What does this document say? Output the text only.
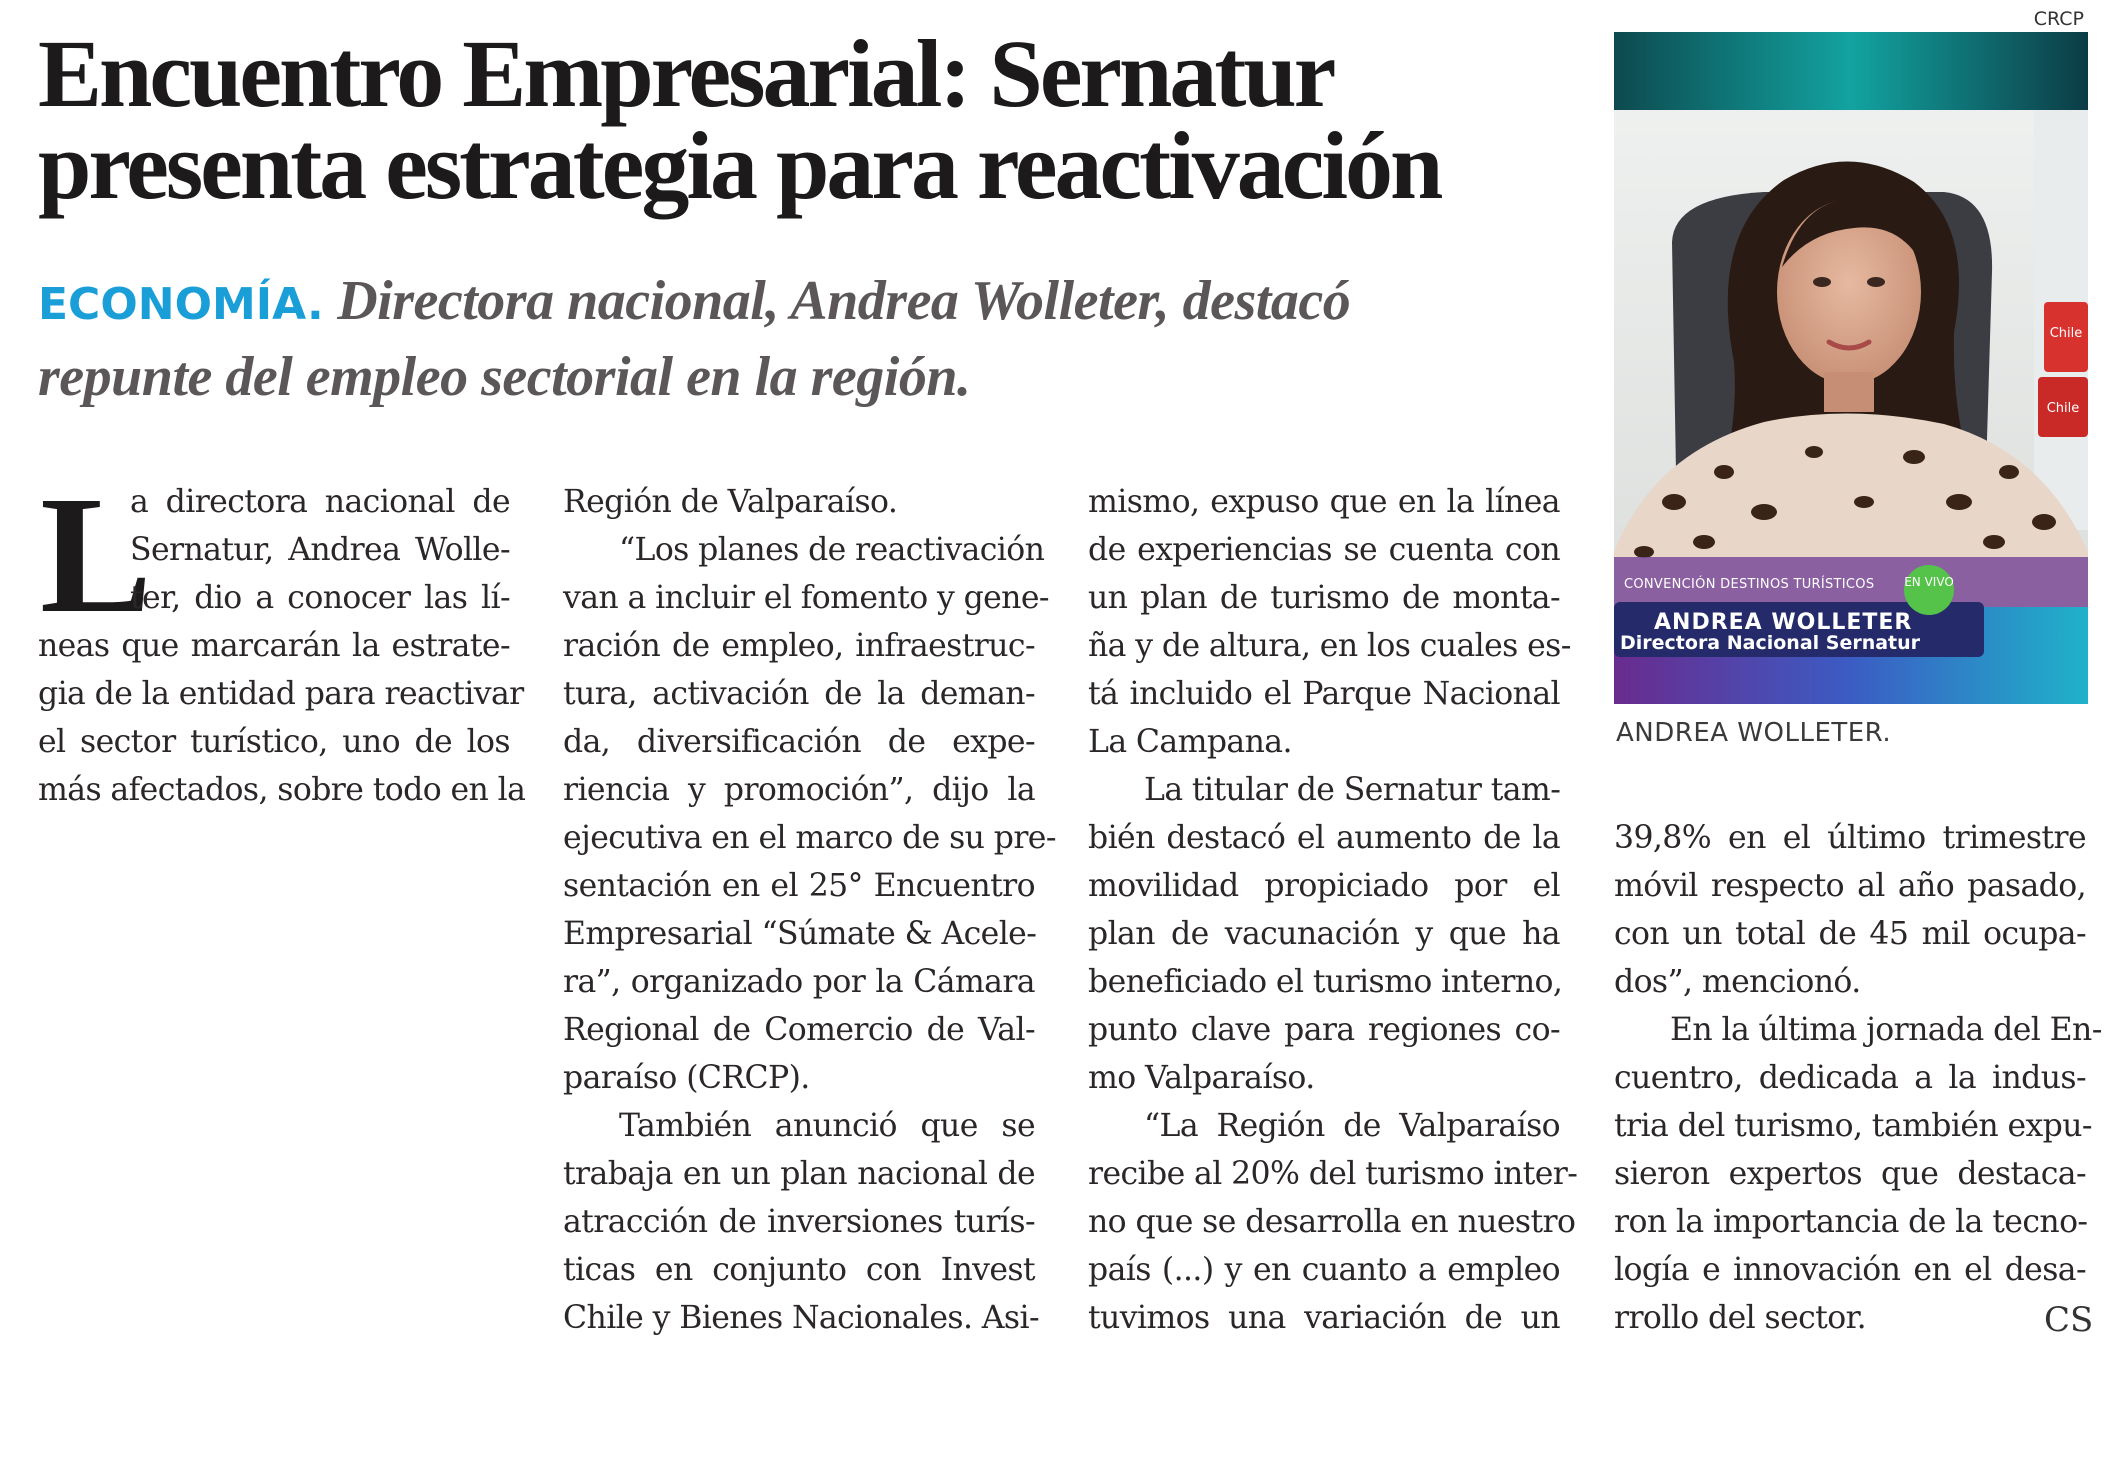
CRCP
Encuentro Empresarial: Sernatur
presenta estrategia para reactivación

ECONOMÍA. Directora nacional, Andrea Wolleter, destacó
repunte del empleo sectorial en la región.

L
a directora nacional de
Sernatur, Andrea Wolle-
ter, dio a conocer las lí-
neas que marcarán la estrate-
gia de la entidad para reactivar
el sector turístico, uno de los
más afectados, sobre todo en la
Región de Valparaíso.
“Los planes de reactivación
van a incluir el fomento y gene-
ración de empleo, infraestruc-
tura, activación de la deman-
da, diversificación de expe-
riencia y promoción”, dijo la
ejecutiva en el marco de su pre-
sentación en el 25° Encuentro
Empresarial “Súmate & Acele-
ra”, organizado por la Cámara
Regional de Comercio de Val-
paraíso (CRCP).
También anunció que se
trabaja en un plan nacional de
atracción de inversiones turís-
ticas en conjunto con Invest
Chile y Bienes Nacionales. Asi-
mismo, expuso que en la línea
de experiencias se cuenta con
un plan de turismo de monta-
ña y de altura, en los cuales es-
tá incluido el Parque Nacional
La Campana.
La titular de Sernatur tam-
bién destacó el aumento de la
movilidad propiciado por el
plan de vacunación y que ha
beneficiado el turismo interno,
punto clave para regiones co-
mo Valparaíso.
“La Región de Valparaíso
recibe al 20% del turismo inter-
no que se desarrolla en nuestro
país (...) y en cuanto a empleo
tuvimos una variación de un
Chile
Chile
CONVENCIÓN DESTINOS TURÍSTICOS EN VIVO
ANDREA WOLLETER
Directora Nacional Sernatur
ANDREA WOLLETER.
39,8% en el último trimestre
móvil respecto al año pasado,
con un total de 45 mil ocupa-
dos”, mencionó.
En la última jornada del En-
cuentro, dedicada a la indus-
tria del turismo, también expu-
sieron expertos que destaca-
ron la importancia de la tecno-
logía e innovación en el desa-
rrollo del sector.	CS
